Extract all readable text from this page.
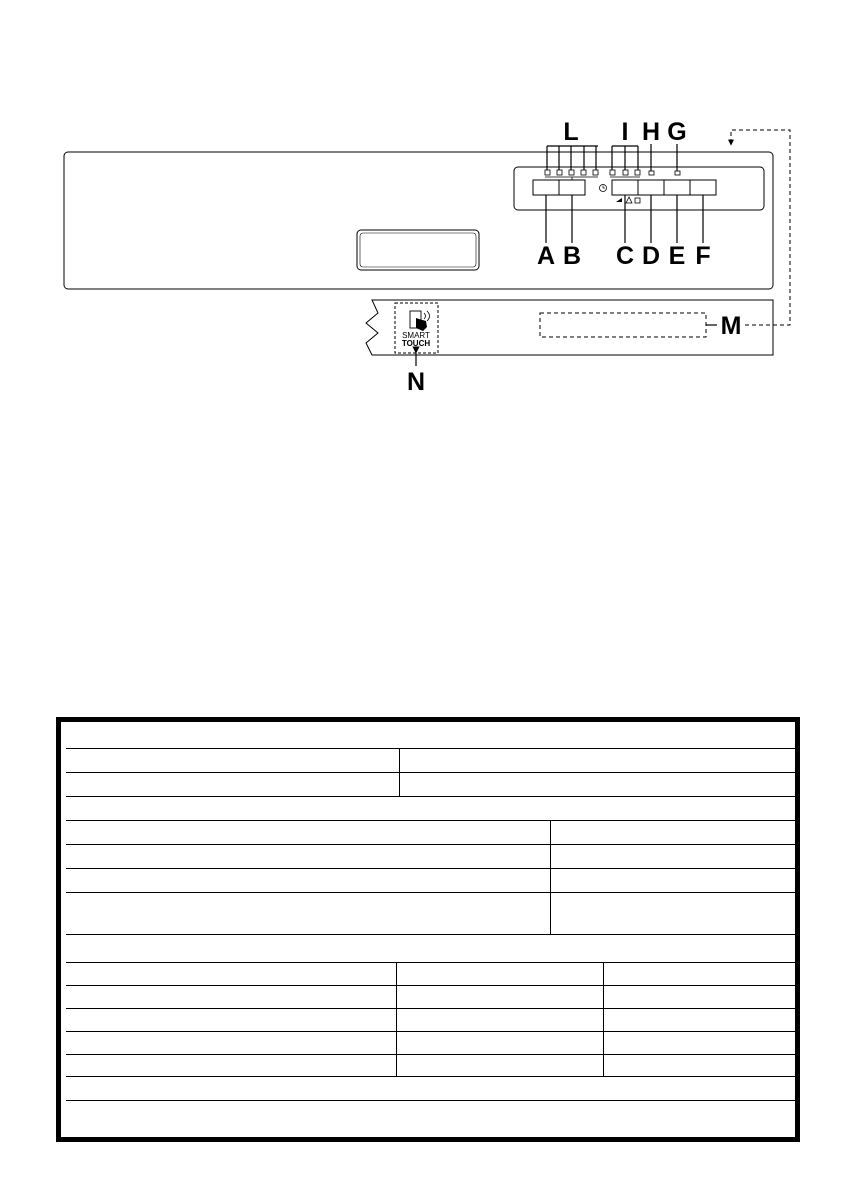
SMART
TOUCH
L I H G
A B C D E F
M
N
